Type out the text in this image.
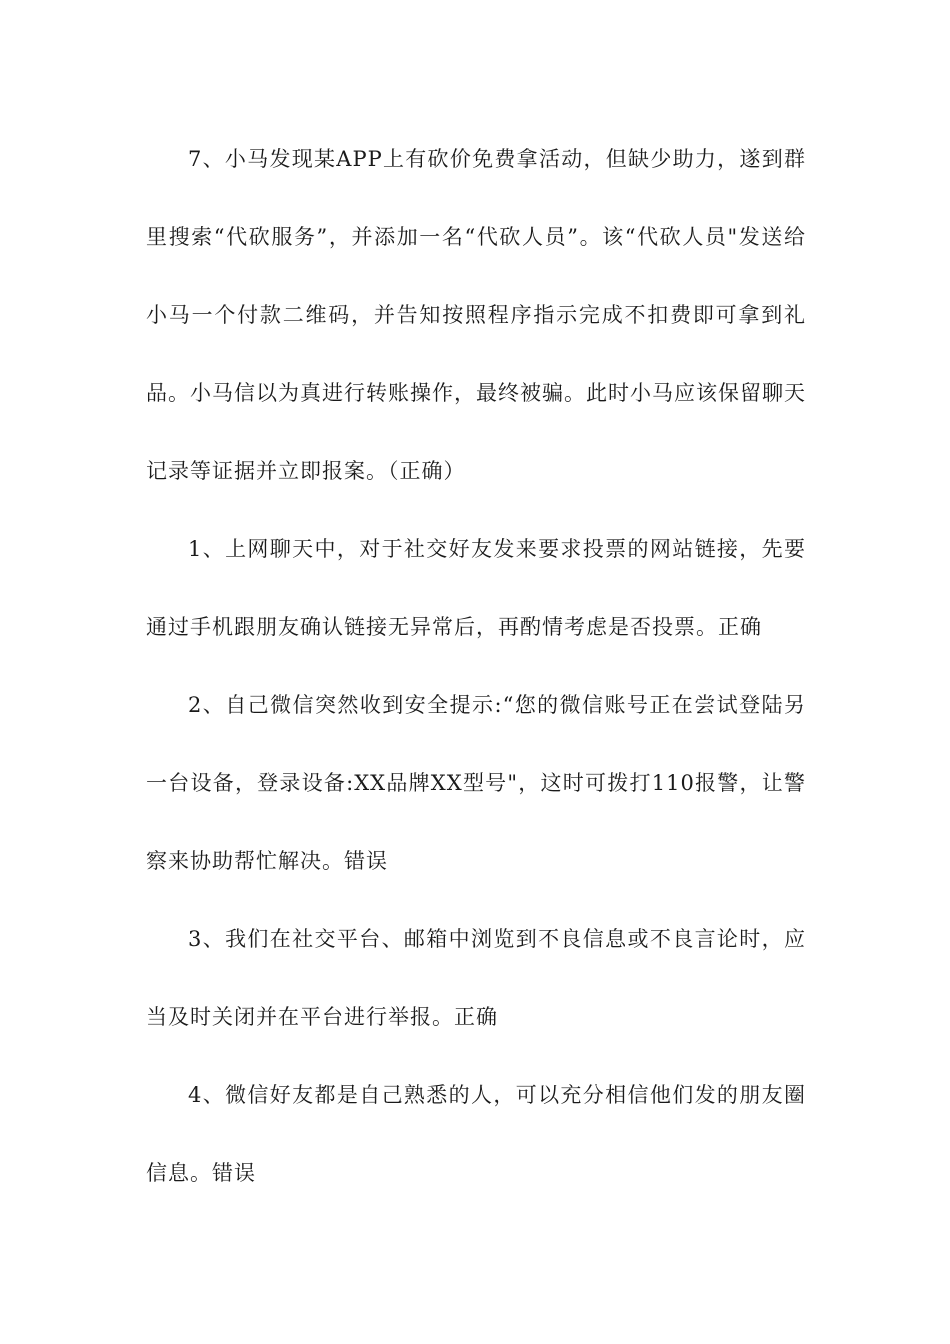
7、小马发现某APP上有砍价免费拿活动，但缺少助力，遂到群里搜索“代砍服务”，并添加一名“代砍人员”。该“代砍人员"发送给小马一个付款二维码，并告知按照程序指示完成不扣费即可拿到礼品。小马信以为真进行转账操作，最终被骗。此时小马应该保留聊天记录等证据并立即报案。（正确）

1、上网聊天中，对于社交好友发来要求投票的网站链接，先要通过手机跟朋友确认链接无异常后，再酌情考虑是否投票。正确

2、自己微信突然收到安全提示:“您的微信账号正在尝试登陆另一台设备，登录设备:XX品牌XX型号"，这时可拨打110报警，让警察来协助帮忙解决。错误

3、我们在社交平台、邮箱中浏览到不良信息或不良言论时，应当及时关闭并在平台进行举报。正确

4、微信好友都是自己熟悉的人，可以充分相信他们发的朋友圈信息。错误
